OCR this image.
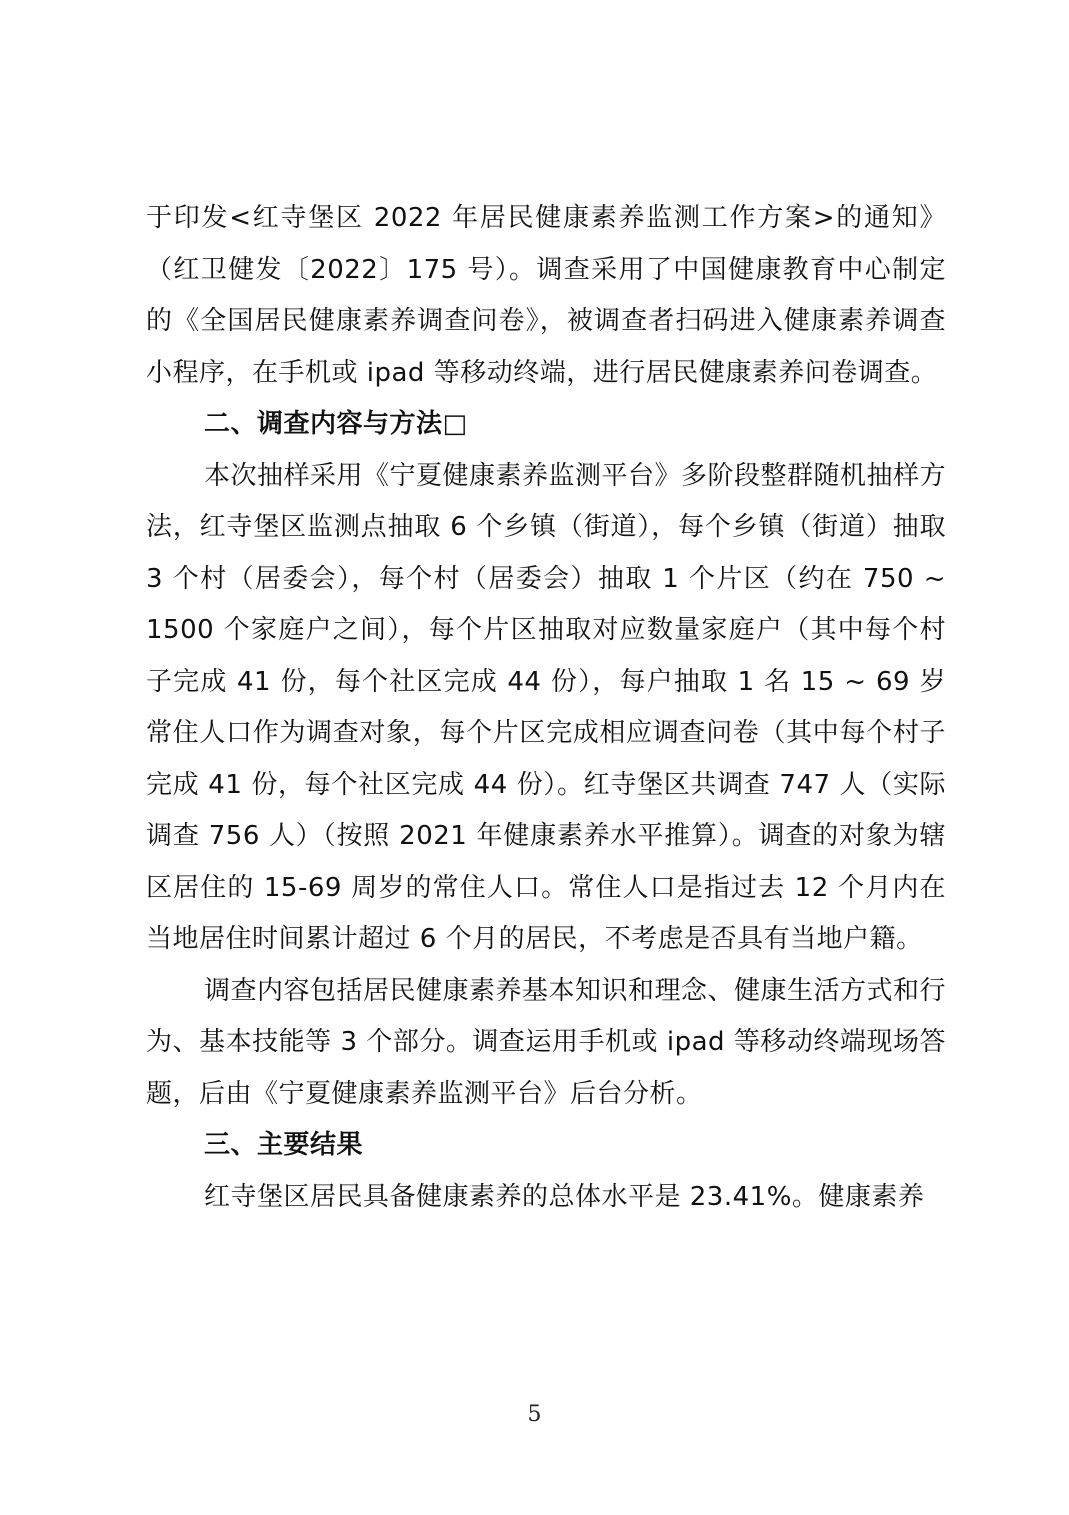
于印发<红寺堡区 2022 年居民健康素养监测工作方案>的通知》（红卫健发〔2022〕175 号）。调查采用了中国健康教育中心制定的《全国居民健康素养调查问卷》，被调查者扫码进入健康素养调查小程序，在手机或 ipad 等移动终端，进行居民健康素养问卷调查。

二、调查内容与方法□

本次抽样采用《宁夏健康素养监测平台》多阶段整群随机抽样方法，红寺堡区监测点抽取 6 个乡镇（街道），每个乡镇（街道）抽取 3 个村（居委会），每个村（居委会）抽取 1 个片区（约在 750 ~ 1500 个家庭户之间），每个片区抽取对应数量家庭户（其中每个村子完成 41 份，每个社区完成 44 份），每户抽取 1 名 15 ~ 69 岁常住人口作为调查对象，每个片区完成相应调查问卷（其中每个村子完成 41 份，每个社区完成 44 份）。红寺堡区共调查 747 人（实际调查 756 人）（按照 2021 年健康素养水平推算）。调查的对象为辖区居住的 15-69 周岁的常住人口。常住人口是指过去 12 个月内在当地居住时间累计超过 6 个月的居民，不考虑是否具有当地户籍。

调查内容包括居民健康素养基本知识和理念、健康生活方式和行为、基本技能等 3 个部分。调查运用手机或 ipad 等移动终端现场答题，后由《宁夏健康素养监测平台》后台分析。

三、主要结果

红寺堡区居民具备健康素养的总体水平是 23.41%。健康素养

5
